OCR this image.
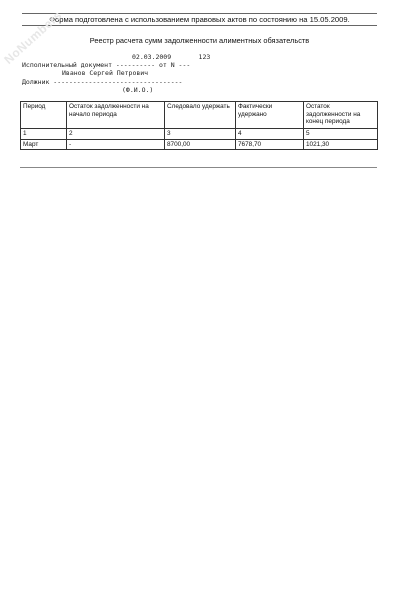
Форма подготовлена с использованием правовых актов по состоянию на 15.05.2009.
NoNumbers	Реестр расчета сумм задолженности алиментных обязательств
02.03.2009       123
Исполнительный документ ---------- от N ---
Иванов Сергей Петрович
Должник ---------------------------------
(Ф.И.О.)
Период	Остаток задолженности на начало периода	Следовало удержать	Фактически удержано	Остаток задолженности на конец периода
1	2	3	4	5
Март	-	8700,00	7678,70	1021,30
